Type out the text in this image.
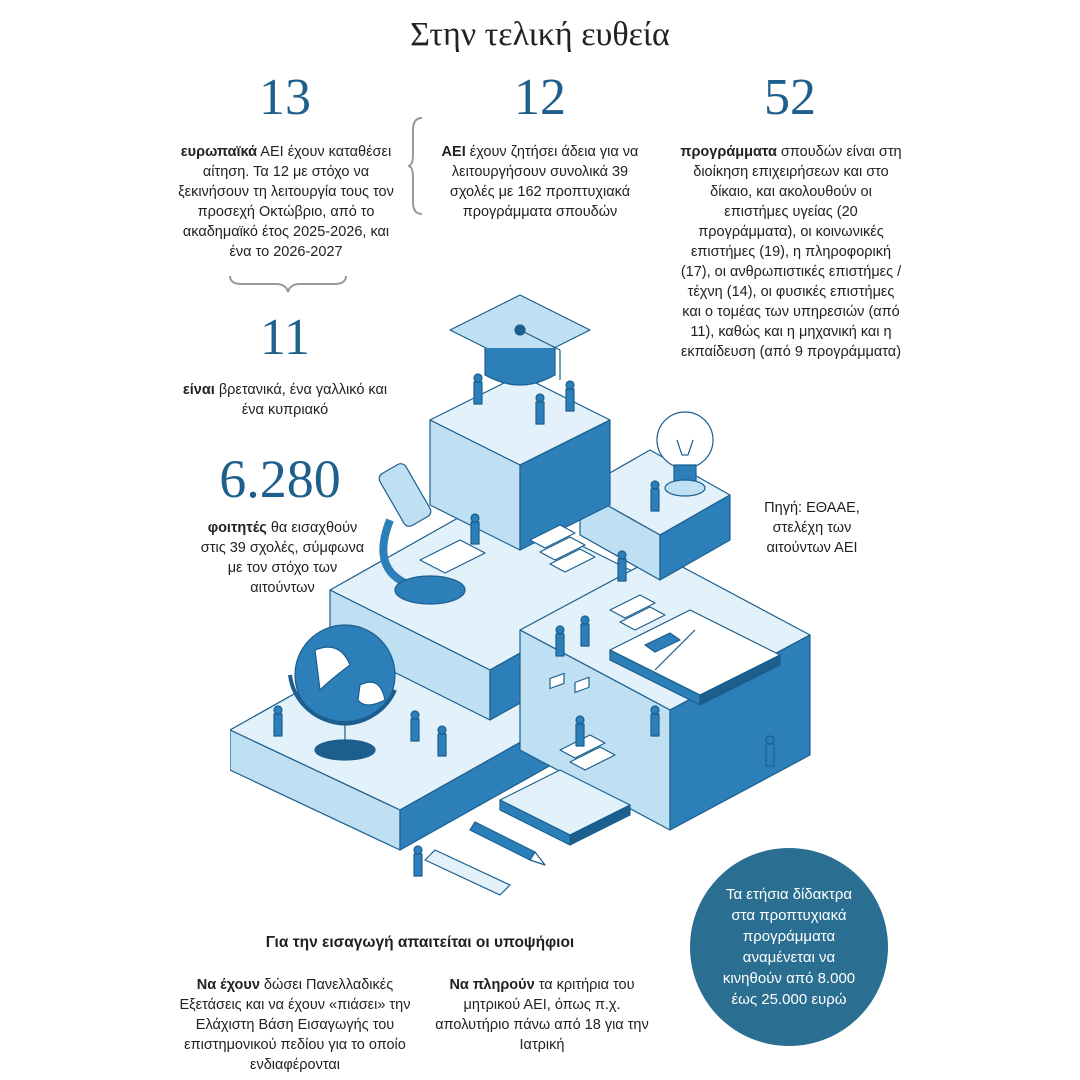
Στην τελική ευθεία
13
ευρωπαϊκά ΑΕΙ έχουν καταθέσει αίτηση. Τα 12 με στόχο να ξεκινήσουν τη λειτουργία τους τον προσεχή Οκτώβριο, από το ακαδημαϊκό έτος 2025-2026, και ένα το 2026-2027
12
ΑΕΙ έχουν ζητήσει άδεια για να λειτουργήσουν συνολικά 39 σχολές με 162 προπτυχιακά προγράμματα σπουδών
52
προγράμματα σπουδών είναι στη διοίκηση επιχειρήσεων και στο δίκαιο, και ακολουθούν οι επιστήμες υγείας (20 προγράμματα), οι κοινωνικές επιστήμες (19), η πληροφορική (17), οι ανθρωπιστικές επιστήμες / τέχνη (14), οι φυσικές επιστήμες και ο τομέας των υπηρεσιών (από 11), καθώς και η μηχανική και η εκπαίδευση (από 9 προγράμματα)
11
είναι βρετανικά, ένα γαλλικό και ένα κυπριακό
6.280
φοιτητές θα εισαχθούν στις 39 σχολές, σύμφωνα με τον στόχο των αιτούντων
Πηγή: ΕΘΑΑΕ, στελέχη των αιτούντων ΑΕΙ
Τα ετήσια δίδακτρα στα προπτυχιακά προγράμματα αναμένεται να κινηθούν από 8.000 έως 25.000 ευρώ
Για την εισαγωγή απαιτείται οι υποψήφιοι
Να έχουν δώσει Πανελλαδικές Εξετάσεις και να έχουν «πιάσει» την Ελάχιστη Βάση Εισαγωγής του επιστημονικού πεδίου για το οποίο ενδιαφέρονται
Να πληρούν τα κριτήρια του μητρικού ΑΕΙ, όπως π.χ. απολυτήριο πάνω από 18 για την Ιατρική
